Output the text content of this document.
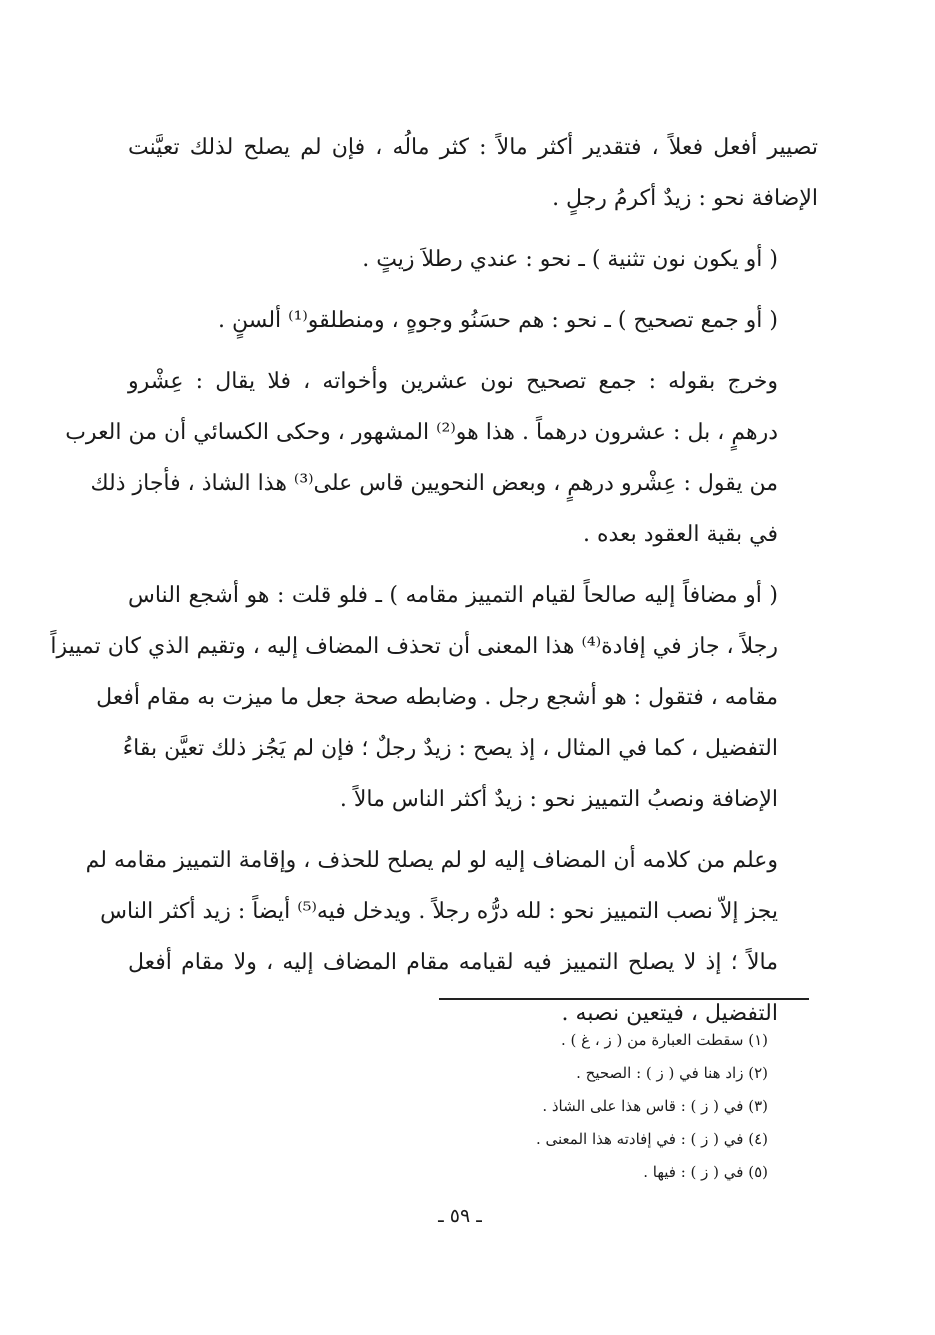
تصيير أفعل فعلاً ، فتقدير أكثر مالاً : كثر مالُه ، فإن لم يصلح لذلك تعيَّنت
الإضافة نحو : زيدٌ أكرمُ رجلٍ .

( أو يكون نون تثنية ) ـ نحو : عندي رطلاَ زيتٍ .

( أو جمع تصحيح ) ـ نحو : هم حسَنُو وجوهٍ ، ومنطلقو⁽¹⁾ ألسنٍ .

وخرج بقوله : جمع تصحيح نون عشرين وأخواته ، فلا يقال : عِشْرو
درهمٍ ، بل : عشرون درهماً . هذا هو⁽²⁾ المشهور ، وحكى الكسائي أن من العرب
من يقول : عِشْرو درهمٍ ، وبعض النحويين قاس على⁽³⁾ هذا الشاذ ، فأجاز ذلك
في بقية العقود بعده .

( أو مضافاً إليه صالحاً لقيام التمييز مقامه ) ـ فلو قلت : هو أشجع الناس
رجلاً ، جاز في إفادة⁽⁴⁾ هذا المعنى أن تحذف المضاف إليه ، وتقيم الذي كان تمييزاً
مقامه ، فتقول : هو أشجع رجل . وضابطه صحة جعل ما ميزت به مقام أفعل
التفضيل ، كما في المثال ، إذ يصح : زيدٌ رجلٌ ؛ فإن لم يَجُز ذلك تعيَّن بقاءُ
الإضافة ونصبُ التمييز نحو : زيدٌ أكثر الناس مالاً .

وعلم من كلامه أن المضاف إليه لو لم يصلح للحذف ، وإقامة التمييز مقامه لم
يجز إلاّ نصب التمييز نحو : لله درُّه رجلاً . ويدخل فيه⁽⁵⁾ أيضاً : زيد أكثر الناس
مالاً ؛ إذ لا يصلح التمييز فيه لقيامه مقام المضاف إليه ، ولا مقام أفعل
التفضيل ، فيتعين نصبه .

(١) سقطت العبارة من ( ز ، غ ) .
(٢) زاد هنا في ( ز ) : الصحيح .
(٣) في ( ز ) : قاس هذا على الشاذ .
(٤) في ( ز ) : في إفادته هذا المعنى .
(٥) في ( ز ) : فيها .
ـ ٥٩ ـ
